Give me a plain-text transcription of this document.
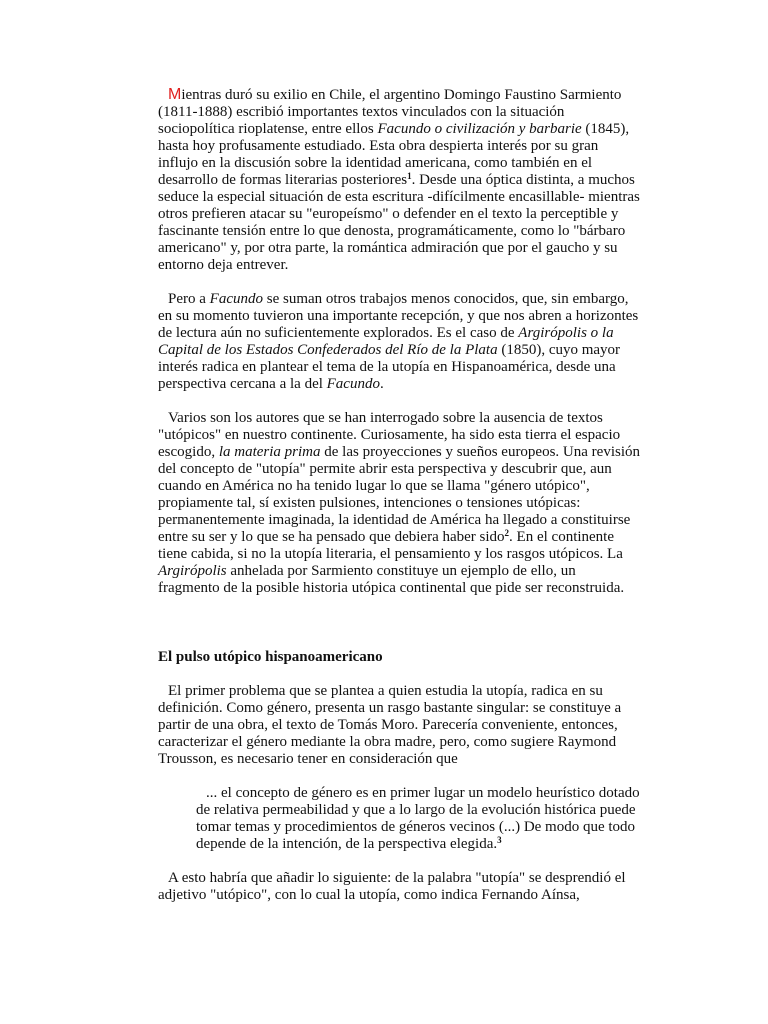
Mientras duró su exilio en Chile, el argentino Domingo Faustino Sarmiento (1811-1888) escribió importantes textos vinculados con la situación sociopolítica rioplatense, entre ellos Facundo o civilización y barbarie (1845), hasta hoy profusamente estudiado. Esta obra despierta interés por su gran influjo en la discusión sobre la identidad americana, como también en el desarrollo de formas literarias posteriores$^1$. Desde una óptica distinta, a muchos seduce la especial situación de esta escritura -difícilmente encasillable- mientras otros prefieren atacar su "europeísmo" o defender en el texto la perceptible y fascinante tensión entre lo que denosta, programáticamente, como lo "bárbaro americano" y, por otra parte, la romántica admiración que por el gaucho y su entorno deja entrever.

Pero a Facundo se suman otros trabajos menos conocidos, que, sin embargo, en su momento tuvieron una importante recepción, y que nos abren a horizontes de lectura aún no suficientemente explorados. Es el caso de Argirópolis o la Capital de los Estados Confederados del Río de la Plata (1850), cuyo mayor interés radica en plantear el tema de la utopía en Hispanoamérica, desde una perspectiva cercana a la del Facundo.

Varios son los autores que se han interrogado sobre la ausencia de textos "utópicos" en nuestro continente. Curiosamente, ha sido esta tierra el espacio escogido, la materia prima de las proyecciones y sueños europeos. Una revisión del concepto de "utopía" permite abrir esta perspectiva y descubrir que, aun cuando en América no ha tenido lugar lo que se llama "género utópico", propiamente tal, sí existen pulsiones, intenciones o tensiones utópicas: permanentemente imaginada, la identidad de América ha llegado a constituirse entre su ser y lo que se ha pensado que debiera haber sido$^2$. En el continente tiene cabida, si no la utopía literaria, el pensamiento y los rasgos utópicos. La Argirópolis anhelada por Sarmiento constituye un ejemplo de ello, un fragmento de la posible historia utópica continental que pide ser reconstruida.

El pulso utópico hispanoamericano

El primer problema que se plantea a quien estudia la utopía, radica en su definición. Como género, presenta un rasgo bastante singular: se constituye a partir de una obra, el texto de Tomás Moro. Parecería conveniente, entonces, caracterizar el género mediante la obra madre, pero, como sugiere Raymond Trousson, es necesario tener en consideración que

... el concepto de género es en primer lugar un modelo heurístico dotado de relativa permeabilidad y que a lo largo de la evolución histórica puede tomar temas y procedimientos de géneros vecinos (...) De modo que todo depende de la intención, de la perspectiva elegida.$^3$

A esto habría que añadir lo siguiente: de la palabra "utopía" se desprendió el adjetivo "utópico", con lo cual la utopía, como indica Fernando Aínsa,
